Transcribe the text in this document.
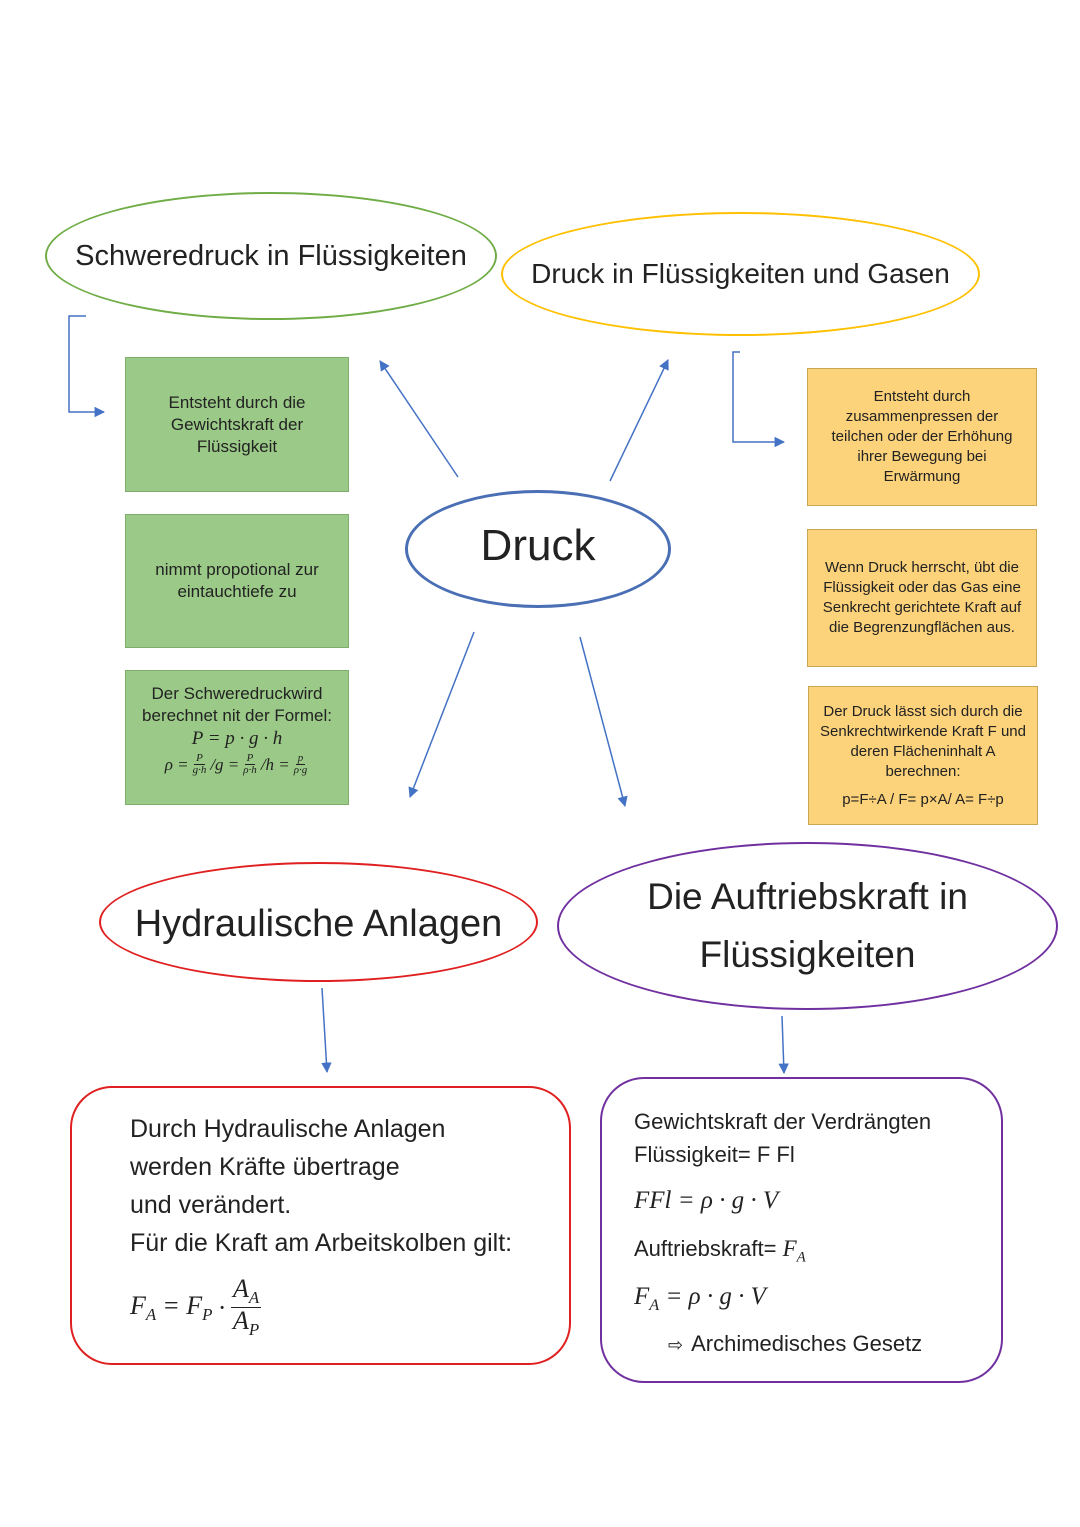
Schweredruck in Flüssigkeiten
Druck in Flüssigkeiten und Gasen
Druck
Entsteht durch die Gewichtskraft der Flüssigkeit
nimmt propotional zur eintauchtiefe zu
Der Schweredruckwird
berechnet nit der Formel:
P = p · g · h
$\rho = \frac{P}{g\cdot h} /g = \frac{P}{\rho\cdot h} /h = \frac{p}{\rho\cdot g}$
Entsteht durch zusammenpressen der teilchen oder der Erhöhung ihrer Bewegung bei Erwärmung
Wenn Druck herrscht, übt die Flüssigkeit oder das Gas eine Senkrecht gerichtete Kraft auf die Begrenzungflächen aus.
Der Druck lässt sich durch die Senkrechtwirkende Kraft F und deren Flächeninhalt A berechnen:
p=F÷A / F= p×A/ A= F÷p
Hydraulische Anlagen
Die Auftriebskraft in
Flüssigkeiten
Durch Hydraulische Anlagen
werden Kräfte übertrage
und verändert.
Für die Kraft am Arbeitskolben gilt:
$F_A = F_P \cdot \frac{A_A}{A_P}$
Gewichtskraft der Verdrängten
Flüssigkeit= F Fl
FFl = ρ · g · V
Auftriebskraft= $F_A$
$F_A = \rho \cdot g \cdot V$
⇨ Archimedisches Gesetz
